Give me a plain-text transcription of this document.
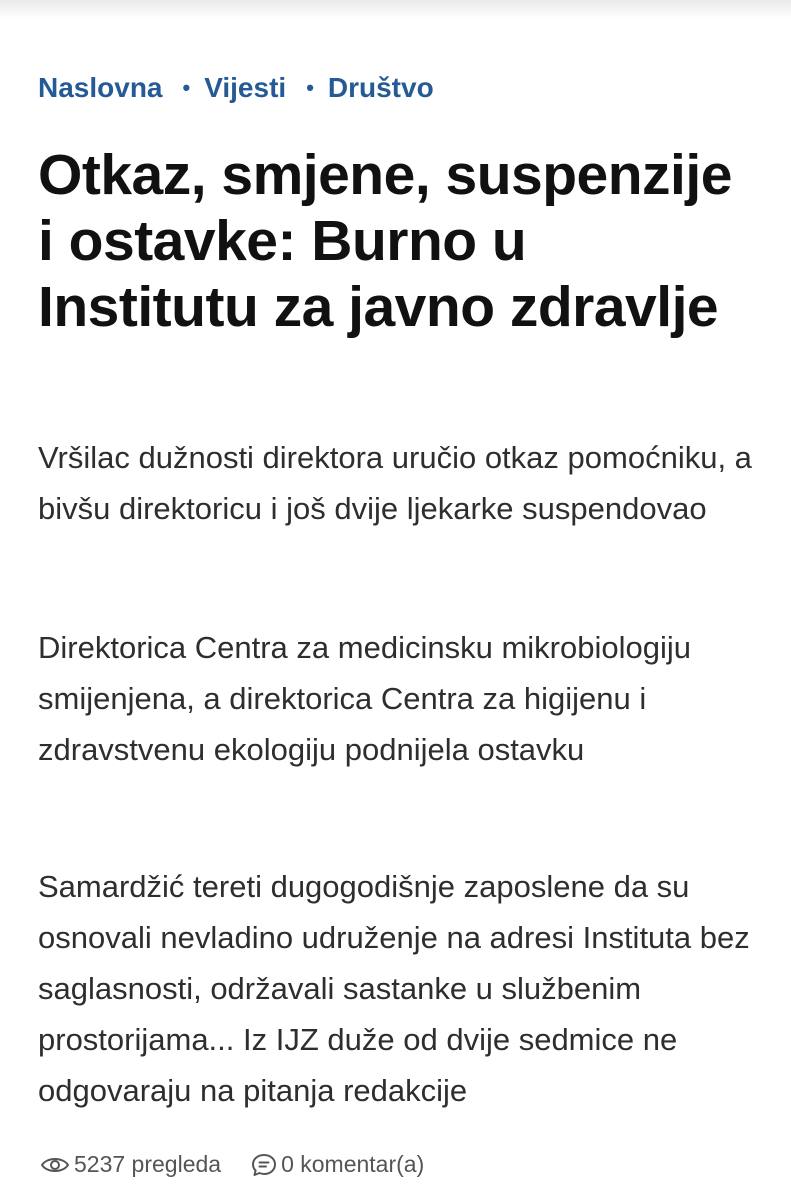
Naslovna • Vijesti • Društvo
Otkaz, smjene, suspenzije i ostavke: Burno u Institutu za javno zdravlje

Vršilac dužnosti direktora uručio otkaz pomoćniku, a bivšu direktoricu i još dvije ljekarke suspendovao

Direktorica Centra za medicinsku mikrobiologiju smijenjena, a direktorica Centra za higijenu i zdravstvenu ekologiju podnijela ostavku

Samardžić tereti dugogodišnje zaposlene da su osnovali nevladino udruženje na adresi Instituta bez saglasnosti, održavali sastanke u službenim prostorijama... Iz IJZ duže od dvije sedmice ne odgovaraju na pitanja redakcije

5237 pregleda	0 komentar(a)
